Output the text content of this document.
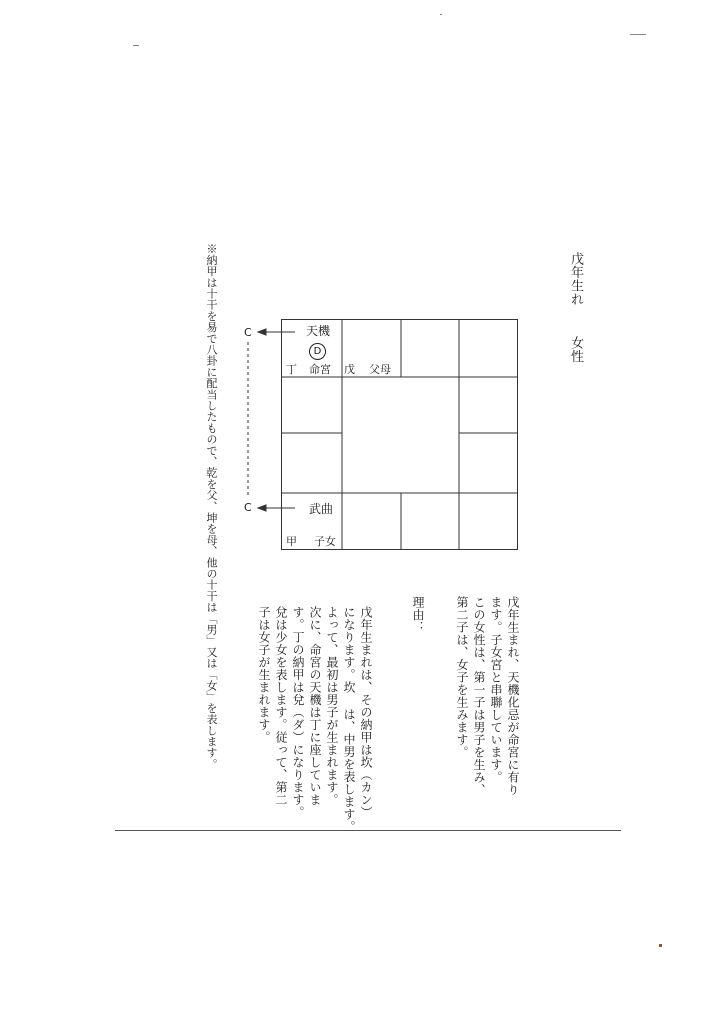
戊年生れ女性
天機
D
丁 命宮 戊 父母
武曲
甲 子女
C
C
戊年生まれ、天機化忌が命宮に有り
ます。子女宮と串聯しています。
この女性は、第一子は男子を生み、
第二子は、女子を生みます。
理由：
戊年生まれは、その納甲は坎（カン）
になります。坎 は、中男を表します。
よって、最初は男子が生まれます。
次に、命宮の天機は丁に座していま
す。丁の納甲は兌（ダ）になります。
兌は少女を表します。従って、第二
子は女子が生まれます。
※納甲は十干を易で八卦に配当したもので、乾を父、坤を母、他の十干は「男」又は「女」を表します。
